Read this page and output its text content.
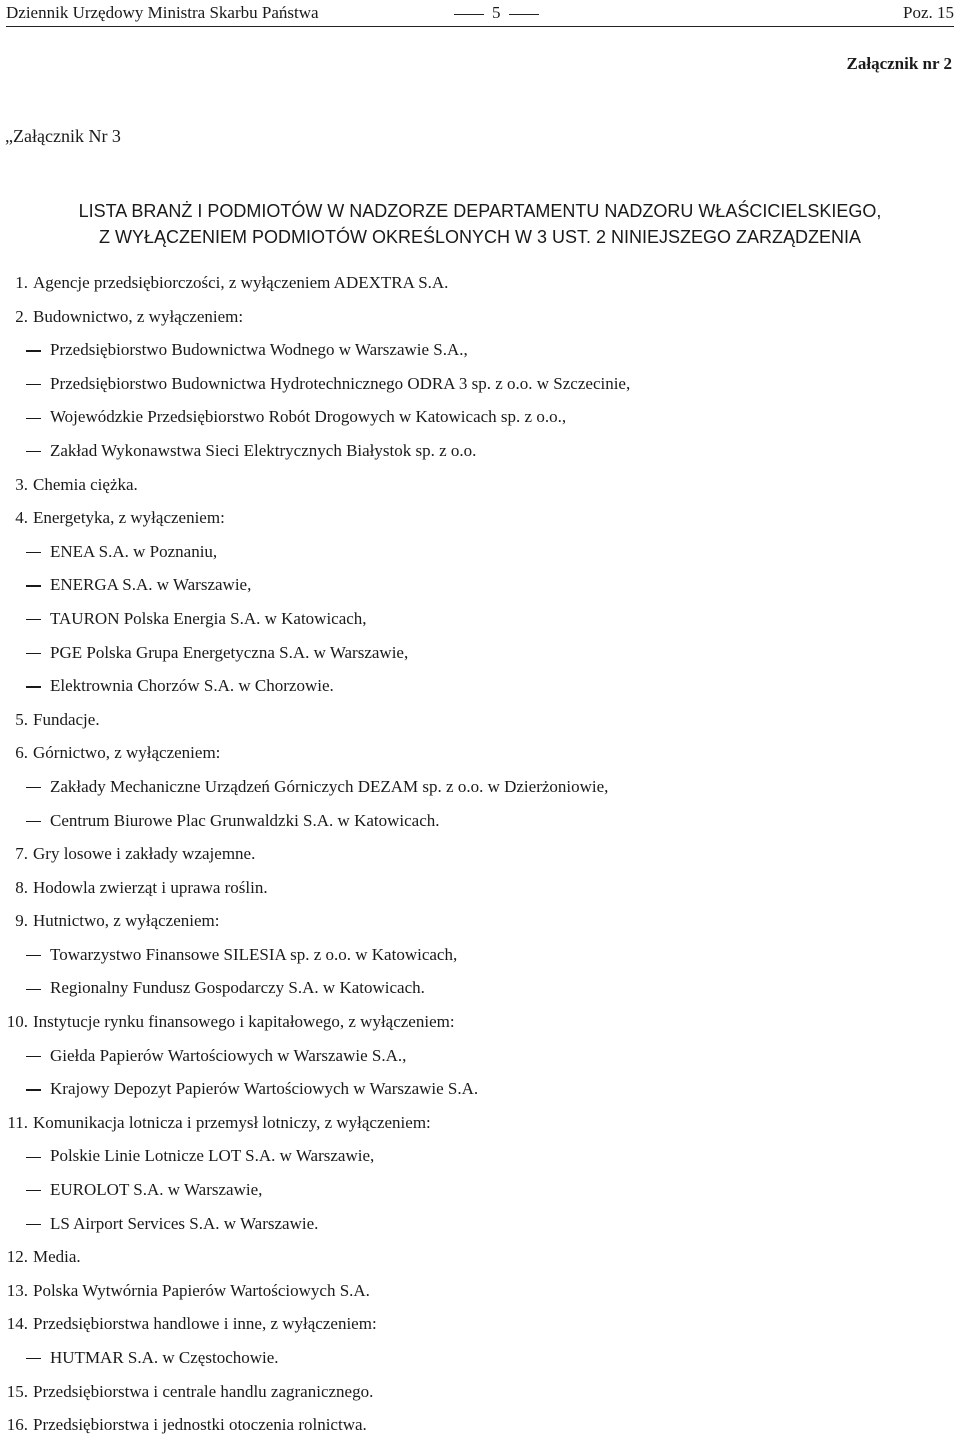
Dziennik Urzędowy Ministra Skarbu Państwa	5	Poz. 15
Załącznik nr 2
„Załącznik Nr 3
LISTA BRANŻ I PODMIOTÓW W NADZORZE DEPARTAMENTU NADZORU WŁAŚCICIELSKIEGO,
Z WYŁĄCZENIEM PODMIOTÓW OKREŚLONYCH W 3 UST. 2 NINIEJSZEGO ZARZĄDZENIA
1. Agencje przedsiębiorczości, z wyłączeniem ADEXTRA S.A.
2. Budownictwo, z wyłączeniem:
Przedsiębiorstwo Budownictwa Wodnego w Warszawie S.A.,
Przedsiębiorstwo Budownictwa Hydrotechnicznego ODRA 3 sp. z o.o. w Szczecinie,
Wojewódzkie Przedsiębiorstwo Robót Drogowych w Katowicach sp. z o.o.,
Zakład Wykonawstwa Sieci Elektrycznych Białystok sp. z o.o.
3. Chemia ciężka.
4. Energetyka, z wyłączeniem:
ENEA S.A. w Poznaniu,
ENERGA S.A. w Warszawie,
TAURON Polska Energia S.A. w Katowicach,
PGE Polska Grupa Energetyczna S.A. w Warszawie,
Elektrownia Chorzów S.A. w Chorzowie.
5. Fundacje.
6. Górnictwo, z wyłączeniem:
Zakłady Mechaniczne Urządzeń Górniczych DEZAM sp. z o.o. w Dzierżoniowie,
Centrum Biurowe Plac Grunwaldzki S.A. w Katowicach.
7. Gry losowe i zakłady wzajemne.
8. Hodowla zwierząt i uprawa roślin.
9. Hutnictwo, z wyłączeniem:
Towarzystwo Finansowe SILESIA sp. z o.o. w Katowicach,
Regionalny Fundusz Gospodarczy S.A. w Katowicach.
10. Instytucje rynku finansowego i kapitałowego, z wyłączeniem:
Giełda Papierów Wartościowych w Warszawie S.A.,
Krajowy Depozyt Papierów Wartościowych w Warszawie S.A.
11. Komunikacja lotnicza i przemysł lotniczy, z wyłączeniem:
Polskie Linie Lotnicze LOT S.A. w Warszawie,
EUROLOT S.A. w Warszawie,
LS Airport Services S.A. w Warszawie.
12. Media.
13. Polska Wytwórnia Papierów Wartościowych S.A.
14. Przedsiębiorstwa handlowe i inne, z wyłączeniem:
HUTMAR S.A. w Częstochowie.
15. Przedsiębiorstwa i centrale handlu zagranicznego.
16. Przedsiębiorstwa i jednostki otoczenia rolnictwa.
